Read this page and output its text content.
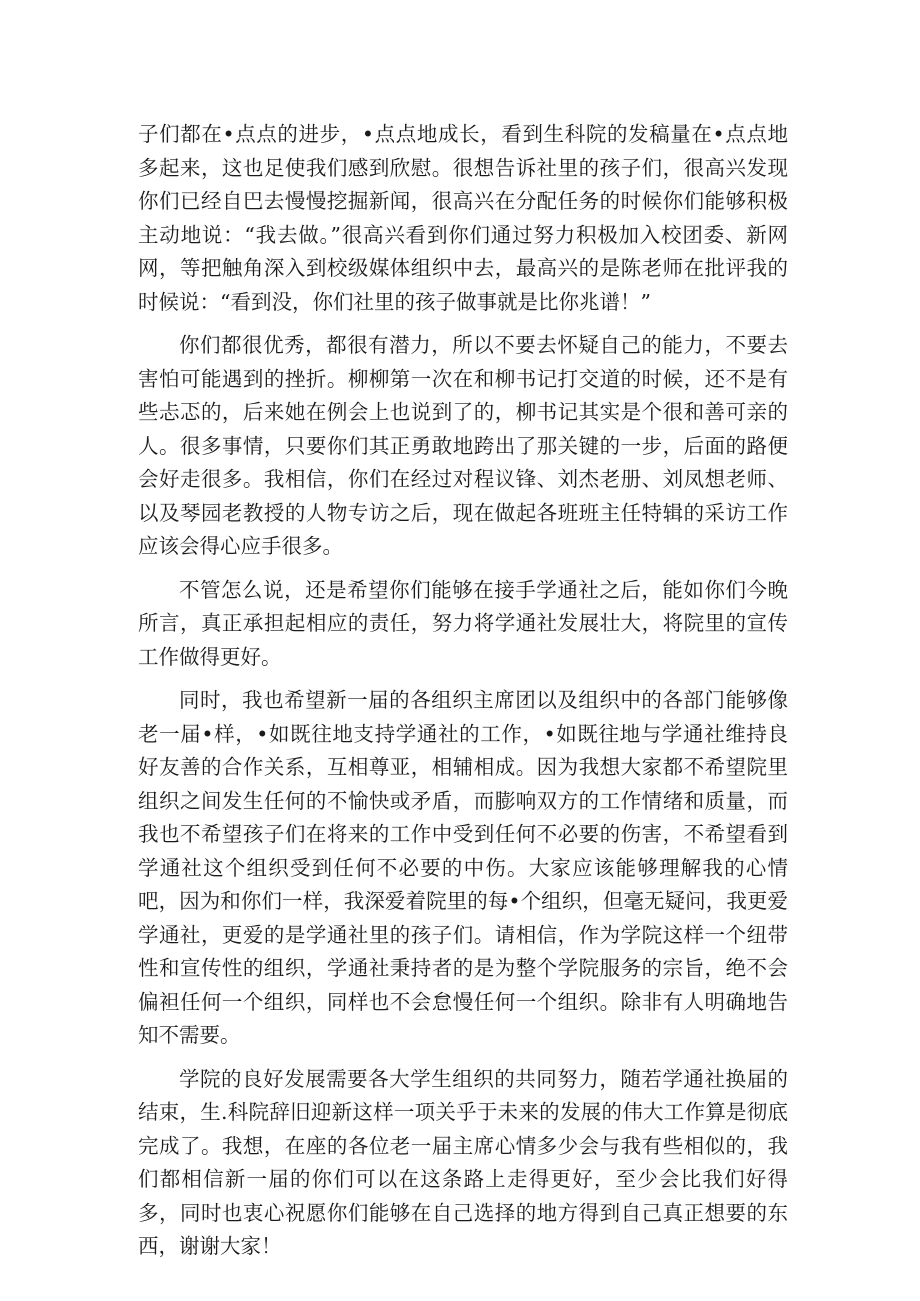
子们都在•点点的进步，•点点地成长，看到生科院的发稿量在•点点地多起来，这也足使我们感到欣慰。很想告诉社里的孩子们，很高兴发现你们已经自巴去慢慢挖掘新闻，很高兴在分配任务的时候你们能够积极主动地说：“我去做。”很高兴看到你们通过努力积极加入校团委、新网网，等把触角深入到校级媒体组织中去，最高兴的是陈老师在批评我的时候说：“看到没，你们社里的孩子做事就是比你兆谱！”

你们都很优秀，都很有潜力，所以不要去怀疑自己的能力，不要去害怕可能遇到的挫折。柳柳第一次在和柳书记打交道的时候，还不是有些忐忑的，后来她在例会上也说到了的，柳书记其实是个很和善可亲的人。很多事情，只要你们其正勇敢地跨出了那关键的一步，后面的路便会好走很多。我相信，你们在经过对程议锋、刘杰老册、刘凤想老师、以及琴园老教授的人物专访之后，现在做起各班班主任特辑的采访工作应该会得心应手很多。

不管怎么说，还是希望你们能够在接手学通社之后，能如你们今晚所言，真正承担起相应的责任，努力将学通社发展壮大，将院里的宣传工作做得更好。

同时，我也希望新一届的各组织主席团以及组织中的各部门能够像老一届•样，•如既往地支持学通社的工作，•如既往地与学通社维持良好友善的合作关系，互相尊亚，相辅相成。因为我想大家都不希望院里组织之间发生任何的不愉快或矛盾，而膨响双方的工作情绪和质量，而我也不希望孩子们在将来的工作中受到任何不必要的伤害，不希望看到学通社这个组织受到任何不必要的中伤。大家应该能够理解我的心情吧，因为和你们一样，我深爱着院里的每•个组织，但毫无疑问，我更爱学通社，更爱的是学通社里的孩子们。请相信，作为学院这样一个纽带性和宣传性的组织，学通社秉持者的是为整个学院服务的宗旨，绝不会偏袒任何一个组织，同样也不会怠慢任何一个组织。除非有人明确地告知不需要。

学院的良好发展需要各大学生组织的共同努力，随若学通社换届的结束，生.科院辞旧迎新这样一项关乎于未来的发展的伟大工作算是彻底完成了。我想，在座的各位老一届主席心情多少会与我有些相似的，我们都相信新一届的你们可以在这条路上走得更好，至少会比我们好得多，同时也衷心祝愿你们能够在自己选择的地方得到自己真正想要的东西，谢谢大家！
